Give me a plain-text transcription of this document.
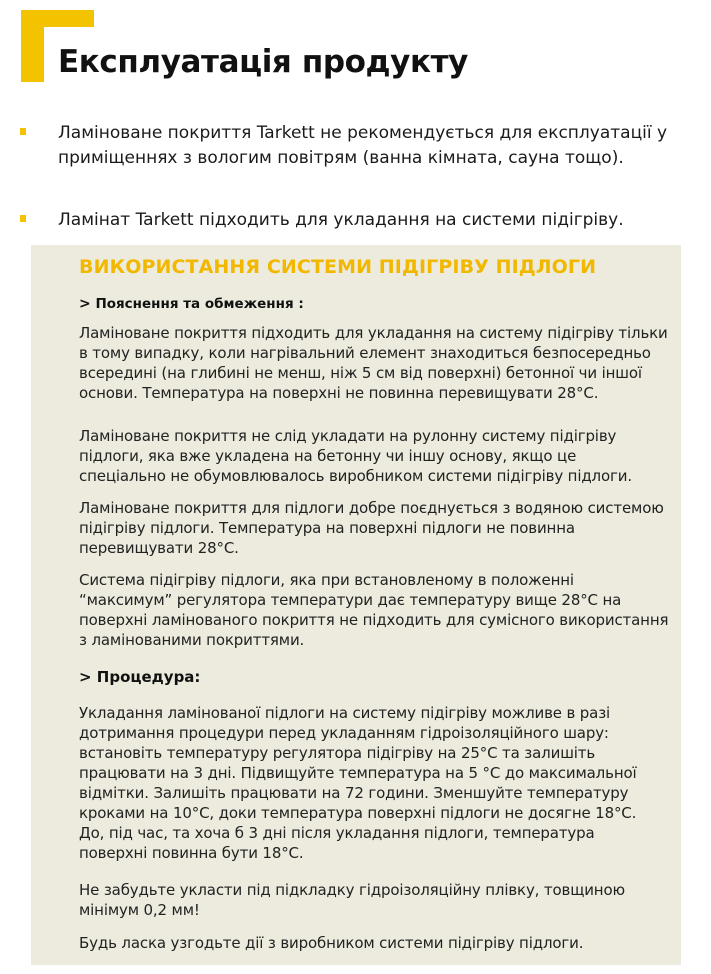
Експлуатація продукту
Ламіноване покриття Tarkett не рекомендується для експлуатації у приміщеннях з вологим повітрям (ванна кімната, сауна тощо).
Ламінат Tarkett підходить для укладання на системи підігріву.
ВИКОРИСТАННЯ СИСТЕМИ ПІДІГРІВУ ПІДЛОГИ
> Пояснення та обмеження :
Ламіноване покриття підходить для укладання на систему підігріву тільки
в тому випадку, коли нагрівальний елемент знаходиться безпосередньо
всередині (на глибині не менш, ніж 5 см від поверхні) бетонної чи іншої
основи. Температура на поверхні не повинна перевищувати 28°C.
Ламіноване покриття не слід укладати на рулонну систему підігріву
підлоги, яка вже укладена на бетонну чи іншу основу, якщо це
спеціально не обумовлювалось виробником системи підігріву підлоги.
Ламіноване покриття для підлоги добре поєднується з водяною системою
підігріву підлоги. Температура на поверхні підлоги не повинна
перевищувати 28°C.
Система підігріву підлоги, яка при встановленому в положенні
“максимум” регулятора температури дає температуру вище 28°C на
поверхні ламінованого покриття не підходить для сумісного використання
з ламінованими покриттями.
> Процедура:
Укладання ламінованої підлоги на систему підігріву можливе в разі
дотримання процедури перед укладанням гідроізоляційного шару:
встановіть температуру регулятора підігріву на 25°C та залишіть
працювати на 3 дні. Підвищуйте температура на 5 °C до максимальної
відмітки. Залишіть працювати на 72 години. Зменшуйте температуру
кроками на 10°C, доки температура поверхні підлоги не досягне 18°C.
До, під час, та хоча б 3 дні після укладання підлоги, температура
поверхні повинна бути 18°C.
Не забудьте укласти під підкладку гідроізоляційну плівку, товщиною
мінімум 0,2 мм!
Будь ласка узгодьте дії з виробником системи підігріву підлоги.
